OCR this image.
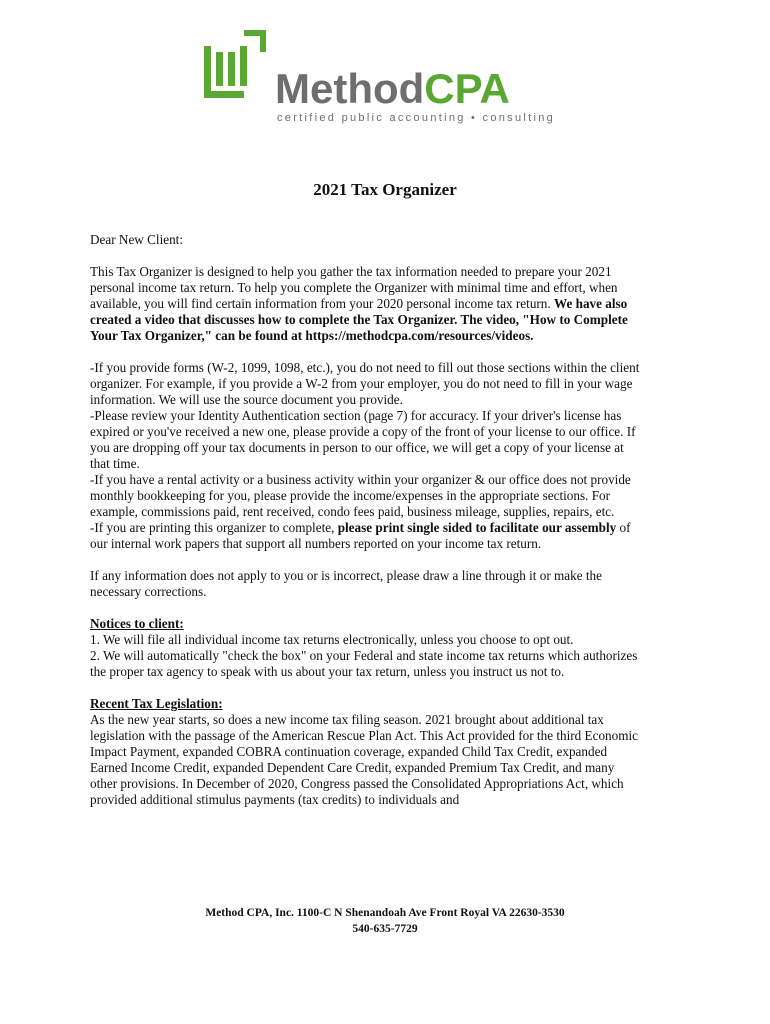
MethodCPA
certified public accounting • consulting
2021 Tax Organizer

Dear New Client:

This Tax Organizer is designed to help you gather the tax information needed to prepare your 2021 personal income tax return. To help you complete the Organizer with minimal time and effort, when available, you will find certain information from your 2020 personal income tax return. We have also created a video that discusses how to complete the Tax Organizer. The video, "How to Complete Your Tax Organizer," can be found at https://methodcpa.com/resources/videos.

-If you provide forms (W-2, 1099, 1098, etc.), you do not need to fill out those sections within the client organizer. For example, if you provide a W-2 from your employer, you do not need to fill in your wage information. We will use the source document you provide.

-Please review your Identity Authentication section (page 7) for accuracy. If your driver's license has expired or you've received a new one, please provide a copy of the front of your license to our office. If you are dropping off your tax documents in person to our office, we will get a copy of your license at that time.

-If you have a rental activity or a business activity within your organizer & our office does not provide monthly bookkeeping for you, please provide the income/expenses in the appropriate sections. For example, commissions paid, rent received, condo fees paid, business mileage, supplies, repairs, etc.

-If you are printing this organizer to complete, please print single sided to facilitate our assembly of our internal work papers that support all numbers reported on your income tax return.

If any information does not apply to you or is incorrect, please draw a line through it or make the necessary corrections.

Notices to client:

1. We will file all individual income tax returns electronically, unless you choose to opt out.

2. We will automatically "check the box" on your Federal and state income tax returns which authorizes the proper tax agency to speak with us about your tax return, unless you instruct us not to.

Recent Tax Legislation:

As the new year starts, so does a new income tax filing season. 2021 brought about additional tax legislation with the passage of the American Rescue Plan Act. This Act provided for the third Economic Impact Payment, expanded COBRA continuation coverage, expanded Child Tax Credit, expanded Earned Income Credit, expanded Dependent Care Credit, expanded Premium Tax Credit, and many other provisions. In December of 2020, Congress passed the Consolidated Appropriations Act, which provided additional stimulus payments (tax credits) to individuals and

Method CPA, Inc. 1100-C N Shenandoah Ave Front Royal VA 22630-3530
540-635-7729
